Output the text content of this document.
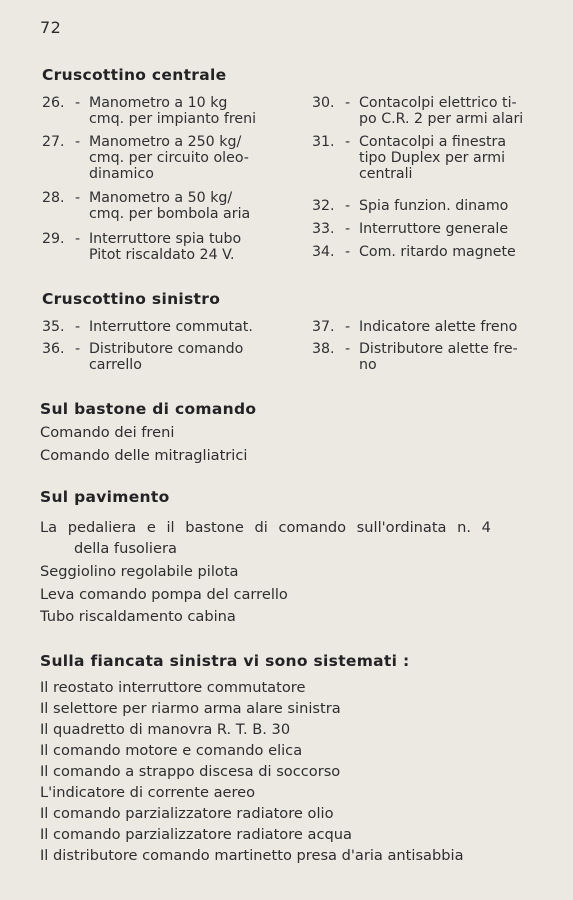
72
Cruscottino centrale
26. - Manometro a 10 kg
cmq. per impianto freni
27. - Manometro a 250 kg/
cmq. per circuito oleo-
dinamico
28. - Manometro a 50 kg/
cmq. per bombola aria
29. - Interruttore spia tubo
Pitot riscaldato 24 V.
30. - Contacolpi elettrico ti-
po C.R. 2 per armi alari
31. - Contacolpi a finestra
tipo Duplex per armi
centrali
32. - Spia funzion. dinamo
33. - Interruttore generale
34. - Com. ritardo magnete
Cruscottino sinistro
35. - Interruttore commutat.
36. - Distributore comando
carrello
37. - Indicatore alette freno
38. - Distributore alette fre-
no
Sul bastone di comando
Comando dei freni
Comando delle mitragliatrici
Sul pavimento
La pedaliera e il bastone di comando sull'ordinata n. 4
della fusoliera
Seggiolino regolabile pilota
Leva comando pompa del carrello
Tubo riscaldamento cabina
Sulla fiancata sinistra vi sono sistemati :
Il reostato interruttore commutatore
Il selettore per riarmo arma alare sinistra
Il quadretto di manovra R. T. B. 30
Il comando motore e comando elica
Il comando a strappo discesa di soccorso
L'indicatore di corrente aereo
Il comando parzializzatore radiatore olio
Il comando parzializzatore radiatore acqua
Il distributore comando martinetto presa d'aria antisabbia
